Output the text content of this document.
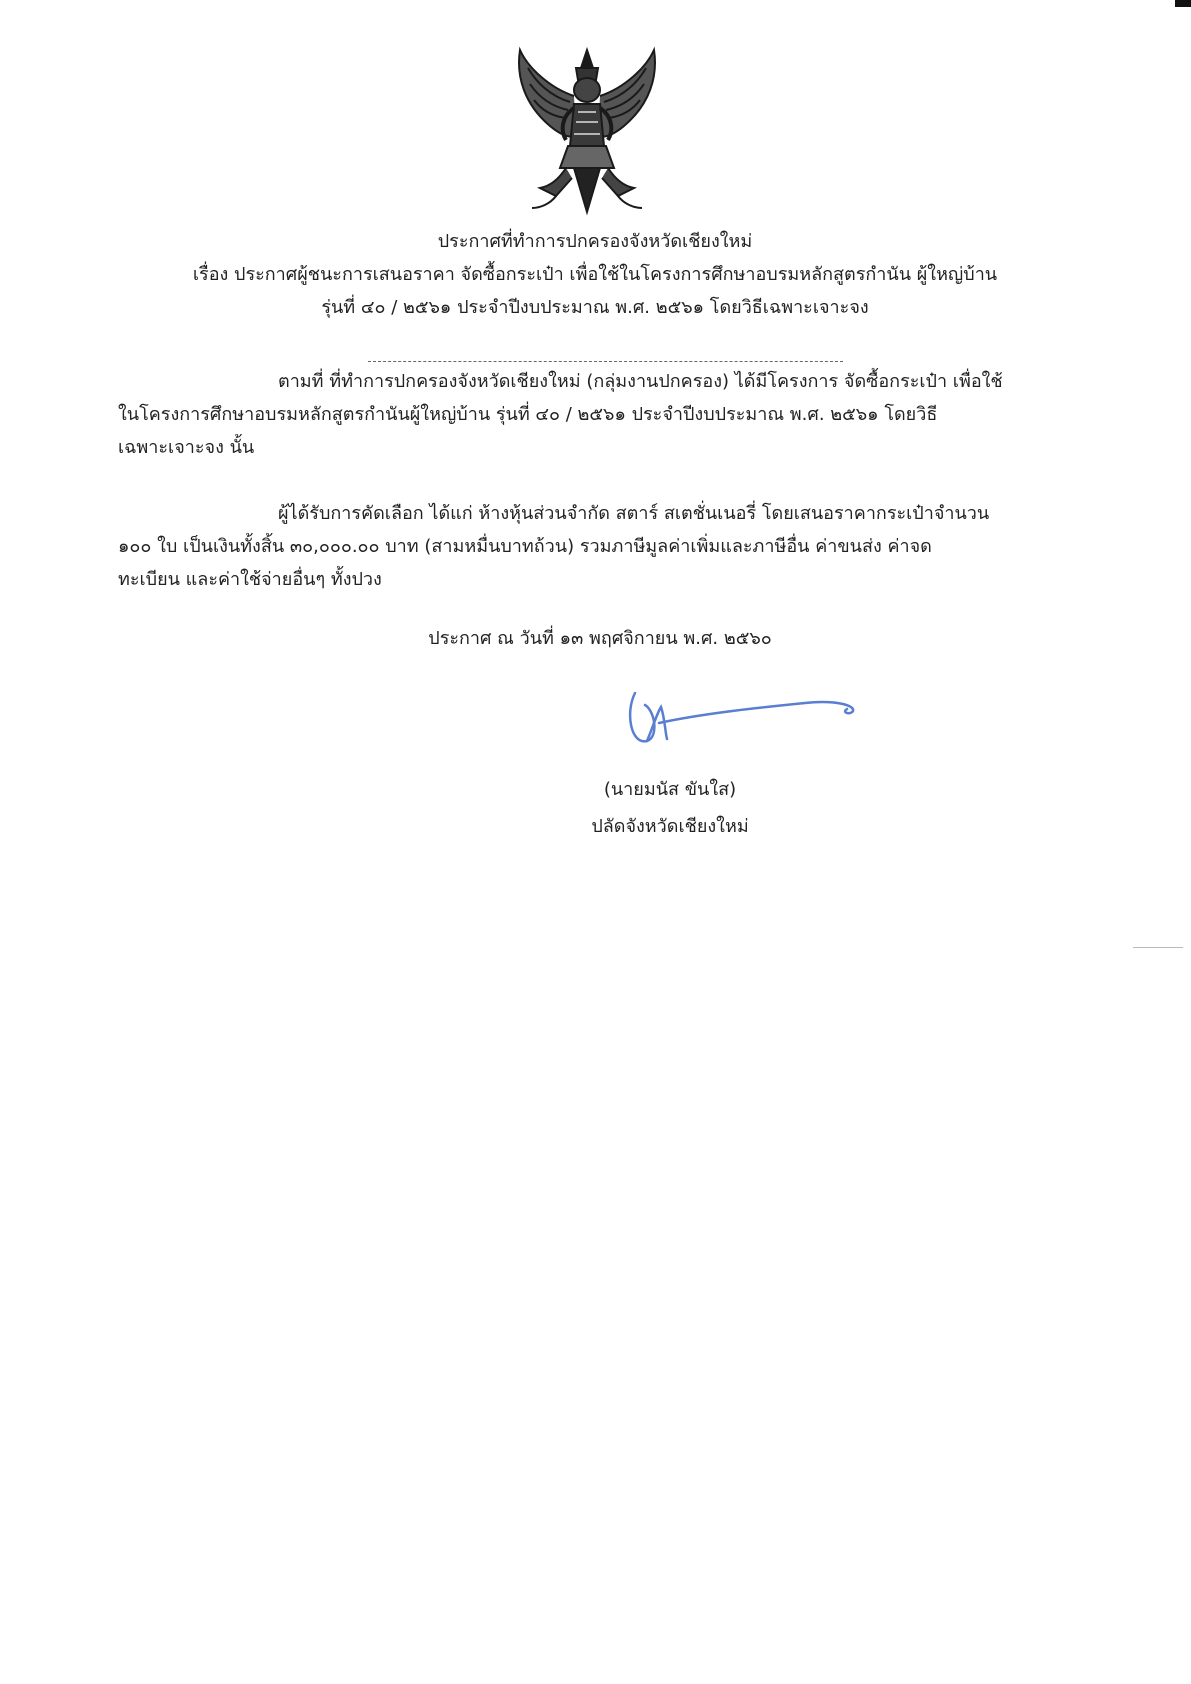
ประกาศที่ทำการปกครองจังหวัดเชียงใหม่
เรื่อง ประกาศผู้ชนะการเสนอราคา จัดซื้อกระเป๋า เพื่อใช้ในโครงการศึกษาอบรมหลักสูตรกำนัน ผู้ใหญ่บ้าน
รุ่นที่ ๔๐ / ๒๕๖๑ ประจำปีงบประมาณ พ.ศ. ๒๕๖๑ โดยวิธีเฉพาะเจาะจง
ตามที่ ที่ทำการปกครองจังหวัดเชียงใหม่ (กลุ่มงานปกครอง) ได้มีโครงการ จัดซื้อกระเป๋า เพื่อใช้
ในโครงการศึกษาอบรมหลักสูตรกำนันผู้ใหญ่บ้าน รุ่นที่ ๔๐ / ๒๕๖๑ ประจำปีงบประมาณ พ.ศ. ๒๕๖๑ โดยวิธี
เฉพาะเจาะจง นั้น
ผู้ได้รับการคัดเลือก ได้แก่ ห้างหุ้นส่วนจำกัด สตาร์ สเตชั่นเนอรี่ โดยเสนอราคากระเป๋าจำนวน
๑๐๐ ใบ เป็นเงินทั้งสิ้น ๓๐,๐๐๐.๐๐ บาท (สามหมื่นบาทถ้วน) รวมภาษีมูลค่าเพิ่มและภาษีอื่น ค่าขนส่ง ค่าจด
ทะเบียน และค่าใช้จ่ายอื่นๆ ทั้งปวง
ประกาศ ณ วันที่ ๑๓ พฤศจิกายน พ.ศ. ๒๕๖๐
(นายมนัส ขันใส)
ปลัดจังหวัดเชียงใหม่
